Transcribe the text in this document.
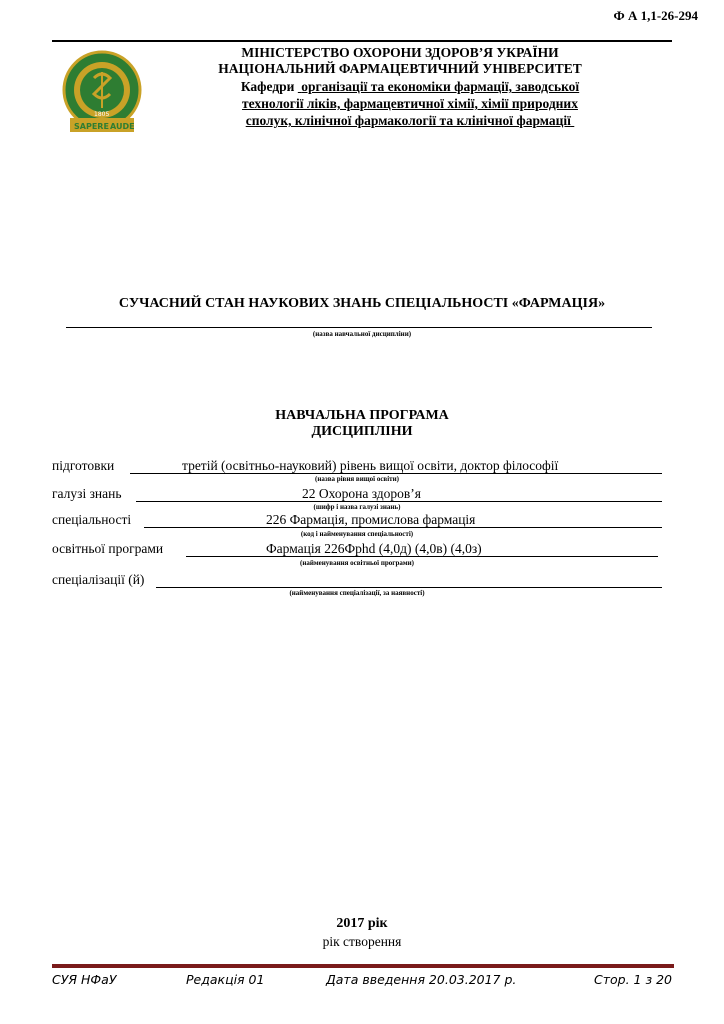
Ф А 1,1-26-294
SAPERE AUDE
1805
МІНІСТЕРСТВО ОХОРОНИ ЗДОРОВ’Я УКРАЇНИ
НАЦІОНАЛЬНИЙ ФАРМАЦЕВТИЧНИЙ УНІВЕРСИТЕТ
Кафедри організації та економіки фармації, заводської
технології ліків, фармацевтичної хімії, хімії природних
сполук, клінічної фармакології та клінічної фармації
СУЧАСНИЙ СТАН НАУКОВИХ ЗНАНЬ СПЕЦІАЛЬНОСТІ «ФАРМАЦІЯ»
(назва навчальної дисципліни)
НАВЧАЛЬНА ПРОГРАМА
ДИСЦИПЛІНИ
підготовки	третій (освітньо-науковий) рівень вищої освіти, доктор філософії
(назва рівня вищої освіти)
галузі знань	22 Охорона здоров’я
(шифр і назва галузі знань)
спеціальності	226 Фармація, промислова фармація
(код і найменування спеціальності)
освітньої програми	Фармація 226Фphd (4,0д) (4,0в) (4,0з)
(найменування освітньої програми)
спеціалізації (й)
(найменування спеціалізації, за наявності)
2017 рік
рік створення
СУЯ НФаУ	Редакція 01	Дата введення 20.03.2017 р.	Стор. 1 з 20
